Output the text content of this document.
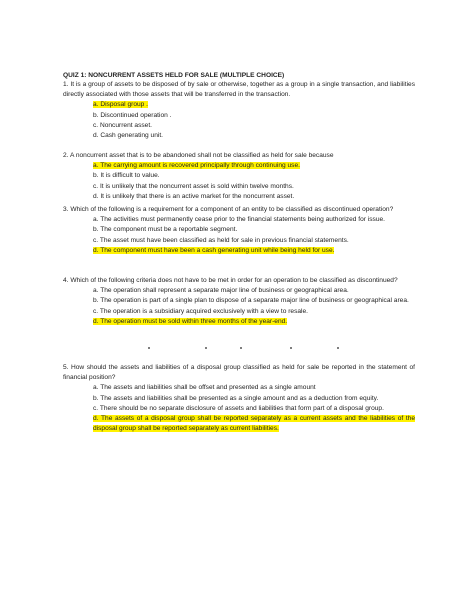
QUIZ 1: NONCURRENT ASSETS HELD FOR SALE (MULTIPLE CHOICE)

1. It is a group of assets to be disposed of by sale or otherwise, together as a group in a single transaction, and liabilities directly associated with those assets that will be transferred in the transaction.

a. Disposal group .

b. Discontinued operation .

c. Noncurrent asset.

d. Cash generating unit.

2. A noncurrent asset that is to be abandoned shall not be classified as held for sale because

a. The carrying amount is recovered principally through continuing use.

b. It is difficult to value.

c. It is unlikely that the noncurrent asset is sold within twelve months.

d. It is unlikely that there is an active market for the noncurrent asset.

3. Which of the following is a requirement for a component of an entity to be classified as discontinued operation?

a. The activities must permanently cease prior to the financial statements being authorized for issue.

b. The component must be a reportable segment.

c. The asset must have been classified as held for sale in previous financial statements.

d. The component must have been a cash generating unit while being held for use.

4. Which of the following criteria does not have to be met in order for an operation to be classified as discontinued?

a. The operation shall represent a separate major line of business or geographical area.

b. The operation is part of a single plan to dispose of a separate major line of business or geographical area.

c. The operation is a subsidiary acquired exclusively with a view to resale.

d. The operation must be sold within three months of the year-end.

5. How should the assets and liabilities of a disposal group classified as held for sale be reported in the statement of financial position?

a. The assets and liabilities shall be offset and presented as a single amount

b. The assets and liabilities shall be presented as a single amount and as a deduction from equity.

c. There should be no separate disclosure of assets and liabilities that form part of a disposal group.

d. The assets of a disposal group shall be reported separately as a current assets and the liabilities of the disposal group shall be reported separately as current liabilities.
